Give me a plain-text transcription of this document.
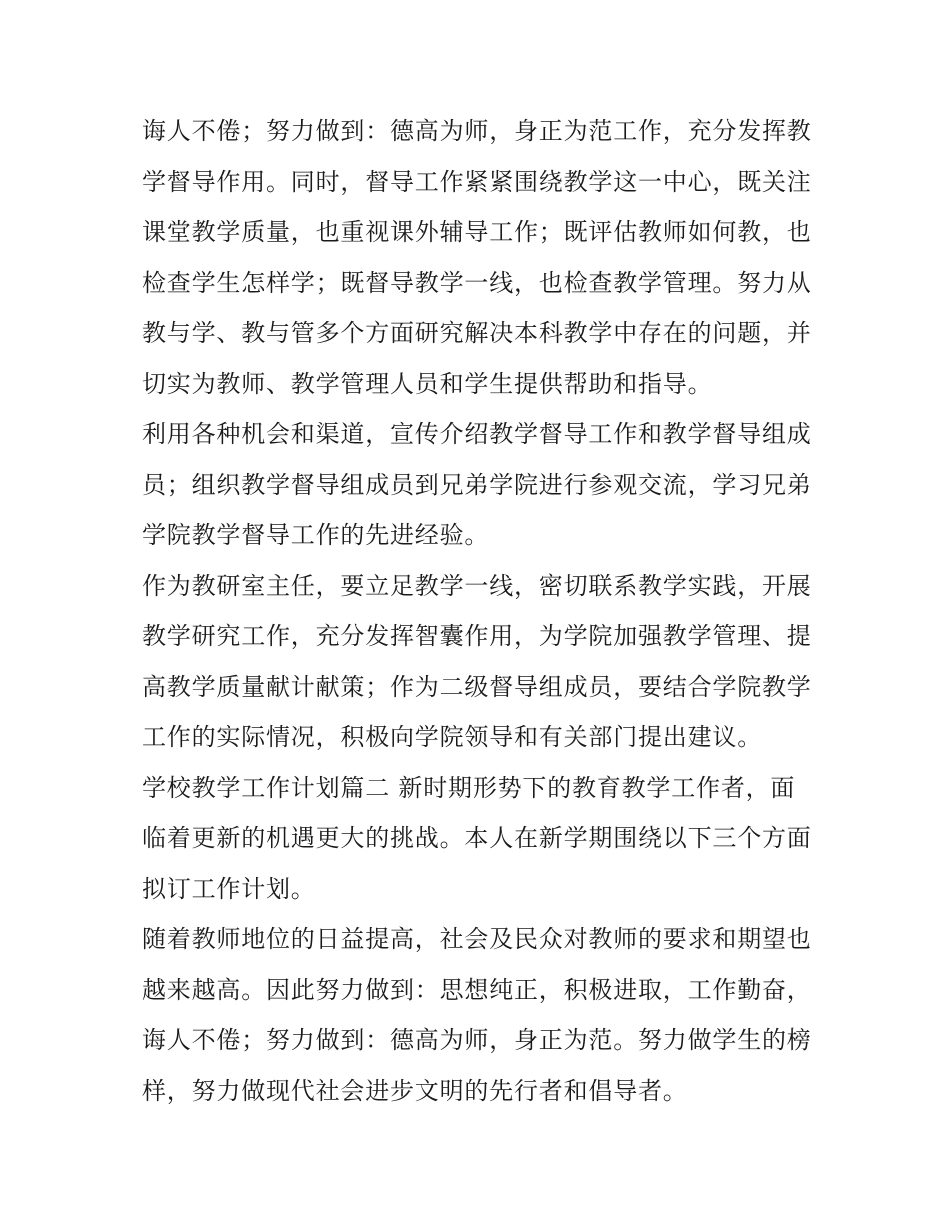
诲人不倦；努力做到：德高为师，身正为范工作，充分发挥教
学督导作用。同时，督导工作紧紧围绕教学这一中心，既关注
课堂教学质量，也重视课外辅导工作；既评估教师如何教，也
检查学生怎样学；既督导教学一线，也检查教学管理。努力从
教与学、教与管多个方面研究解决本科教学中存在的问题，并
切实为教师、教学管理人员和学生提供帮助和指导。
利用各种机会和渠道，宣传介绍教学督导工作和教学督导组成
员；组织教学督导组成员到兄弟学院进行参观交流，学习兄弟
学院教学督导工作的先进经验。
作为教研室主任，要立足教学一线，密切联系教学实践，开展
教学研究工作，充分发挥智囊作用，为学院加强教学管理、提
高教学质量献计献策；作为二级督导组成员，要结合学院教学
工作的实际情况，积极向学院领导和有关部门提出建议。
学校教学工作计划篇二 新时期形势下的教育教学工作者，面
临着更新的机遇更大的挑战。本人在新学期围绕以下三个方面
拟订工作计划。
随着教师地位的日益提高，社会及民众对教师的要求和期望也
越来越高。因此努力做到：思想纯正，积极进取，工作勤奋，
诲人不倦；努力做到：德高为师，身正为范。努力做学生的榜
样，努力做现代社会进步文明的先行者和倡导者。
